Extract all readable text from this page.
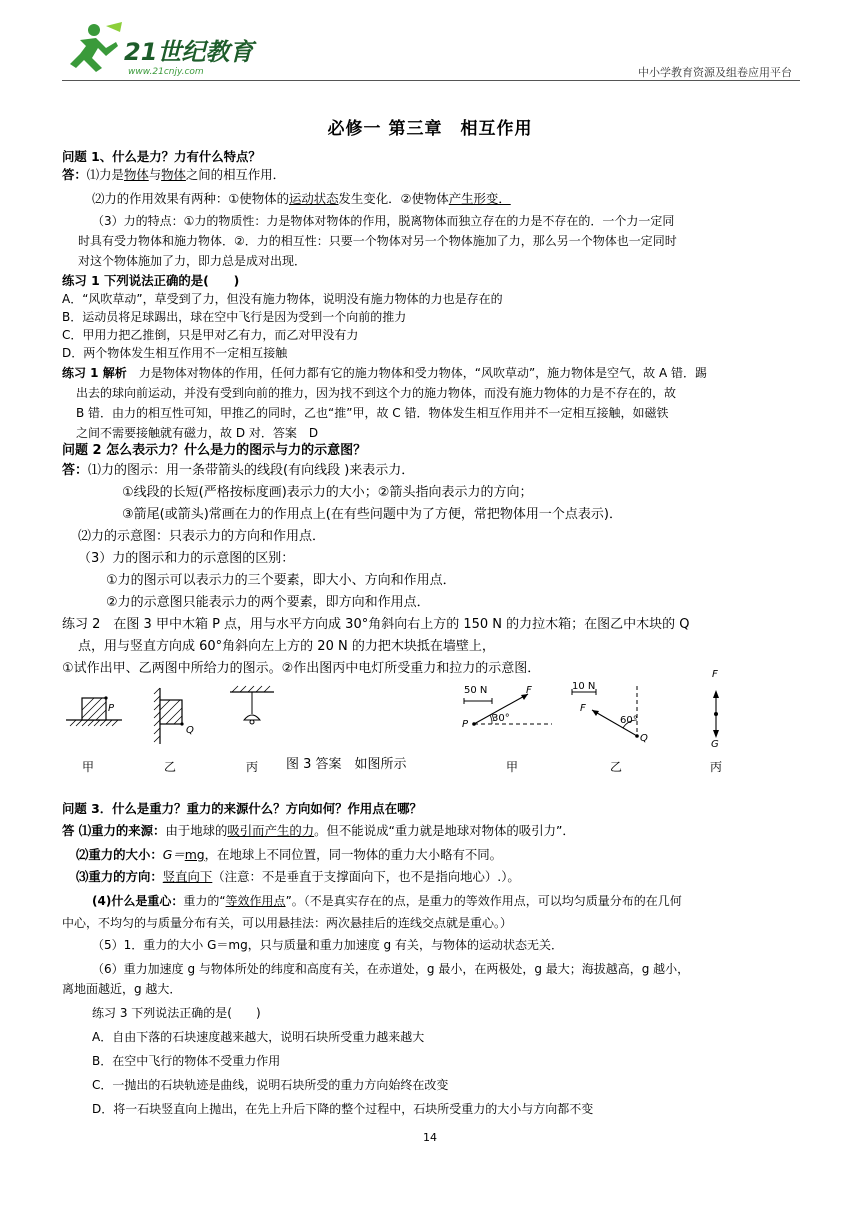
21世纪教育
www.21cnjy.com	中小学教育资源及组卷应用平台
必修一 第三章　相互作用
问题 1、什么是力？力有什么特点？
答：⑴力是物体与物体之间的相互作用．
⑵力的作用效果有两种：①使物体的运动状态发生变化．②使物体产生形变．
（3）力的特点：①力的物质性：力是物体对物体的作用，脱离物体而独立存在的力是不存在的．一个力一定同
时具有受力物体和施力物体．②．力的相互性：只要一个物体对另一个物体施加了力，那么另一个物体也一定同时
对这个物体施加了力，即力总是成对出现．
练习 1 下列说法正确的是(　　)
A．“风吹草动”，草受到了力，但没有施力物体，说明没有施力物体的力也是存在的
B．运动员将足球踢出，球在空中飞行是因为受到一个向前的推力
C．甲用力把乙推倒，只是甲对乙有力，而乙对甲没有力
D．两个物体发生相互作用不一定相互接触
练习 1 解析　力是物体对物体的作用，任何力都有它的施力物体和受力物体，“风吹草动”，施力物体是空气，故 A 错．踢
出去的球向前运动，并没有受到向前的推力，因为找不到这个力的施力物体，而没有施力物体的力是不存在的，故
B 错．由力的相互性可知，甲推乙的同时，乙也“推”甲，故 C 错．物体发生相互作用并不一定相互接触，如磁铁
之间不需要接触就有磁力，故 D 对．答案　D
问题 2 怎么表示力？什么是力的图示与力的示意图？
答：⑴力的图示：用一条带箭头的线段(有向线段 )来表示力．
①线段的长短(严格按标度画)表示力的大小；②箭头指向表示力的方向；
③箭尾(或箭头)常画在力的作用点上(在有些问题中为了方便，常把物体用一个点表示)．
⑵力的示意图：只表示力的方向和作用点．
（3）力的图示和力的示意图的区别：
①力的图示可以表示力的三个要素，即大小、方向和作用点．
②力的示意图只能表示力的两个要素，即方向和作用点．
练习 2　在图 3 甲中木箱 P 点，用与水平方向成 30°角斜向右上方的 150 N 的力拉木箱；在图乙中木块的 Q
点，用与竖直方向成 60°角斜向左上方的 20 N 的力把木块抵在墙壁上，
①试作出甲、乙两图中所给力的图示。②作出图丙中电灯所受重力和拉力的示意图．
P
Q
甲	乙	丙 图 3 答案　如图所示
50 N	F
P
30°
甲
10 N
F
60°
Q
乙
F
G
丙
问题 3．什么是重力？重力的来源什么？方向如何？作用点在哪？
答 ⑴重力的来源：由于地球的吸引而产生的力。但不能说成“重力就是地球对物体的吸引力”．
⑵重力的大小：G＝mg，在地球上不同位置，同一物体的重力大小略有不同。
⑶重力的方向：竖直向下（注意：不是垂直于支撑面向下，也不是指向地心）.）。
(4)什么是重心：重力的“等效作用点”。（不是真实存在的点，是重力的等效作用点，可以均匀质量分布的在几何
中心，不均匀的与质量分布有关，可以用悬挂法：两次悬挂后的连线交点就是重心。）
（5）1．重力的大小 G＝mg，只与质量和重力加速度 g 有关，与物体的运动状态无关．
（6）重力加速度 g 与物体所处的纬度和高度有关，在赤道处，g 最小，在两极处，g 最大；海拔越高，g 越小，
离地面越近，g 越大．
练习 3 下列说法正确的是(　　)
A．自由下落的石块速度越来越大，说明石块所受重力越来越大
B．在空中飞行的物体不受重力作用
C．一抛出的石块轨迹是曲线，说明石块所受的重力方向始终在改变
D．将一石块竖直向上抛出，在先上升后下降的整个过程中，石块所受重力的大小与方向都不变
14
